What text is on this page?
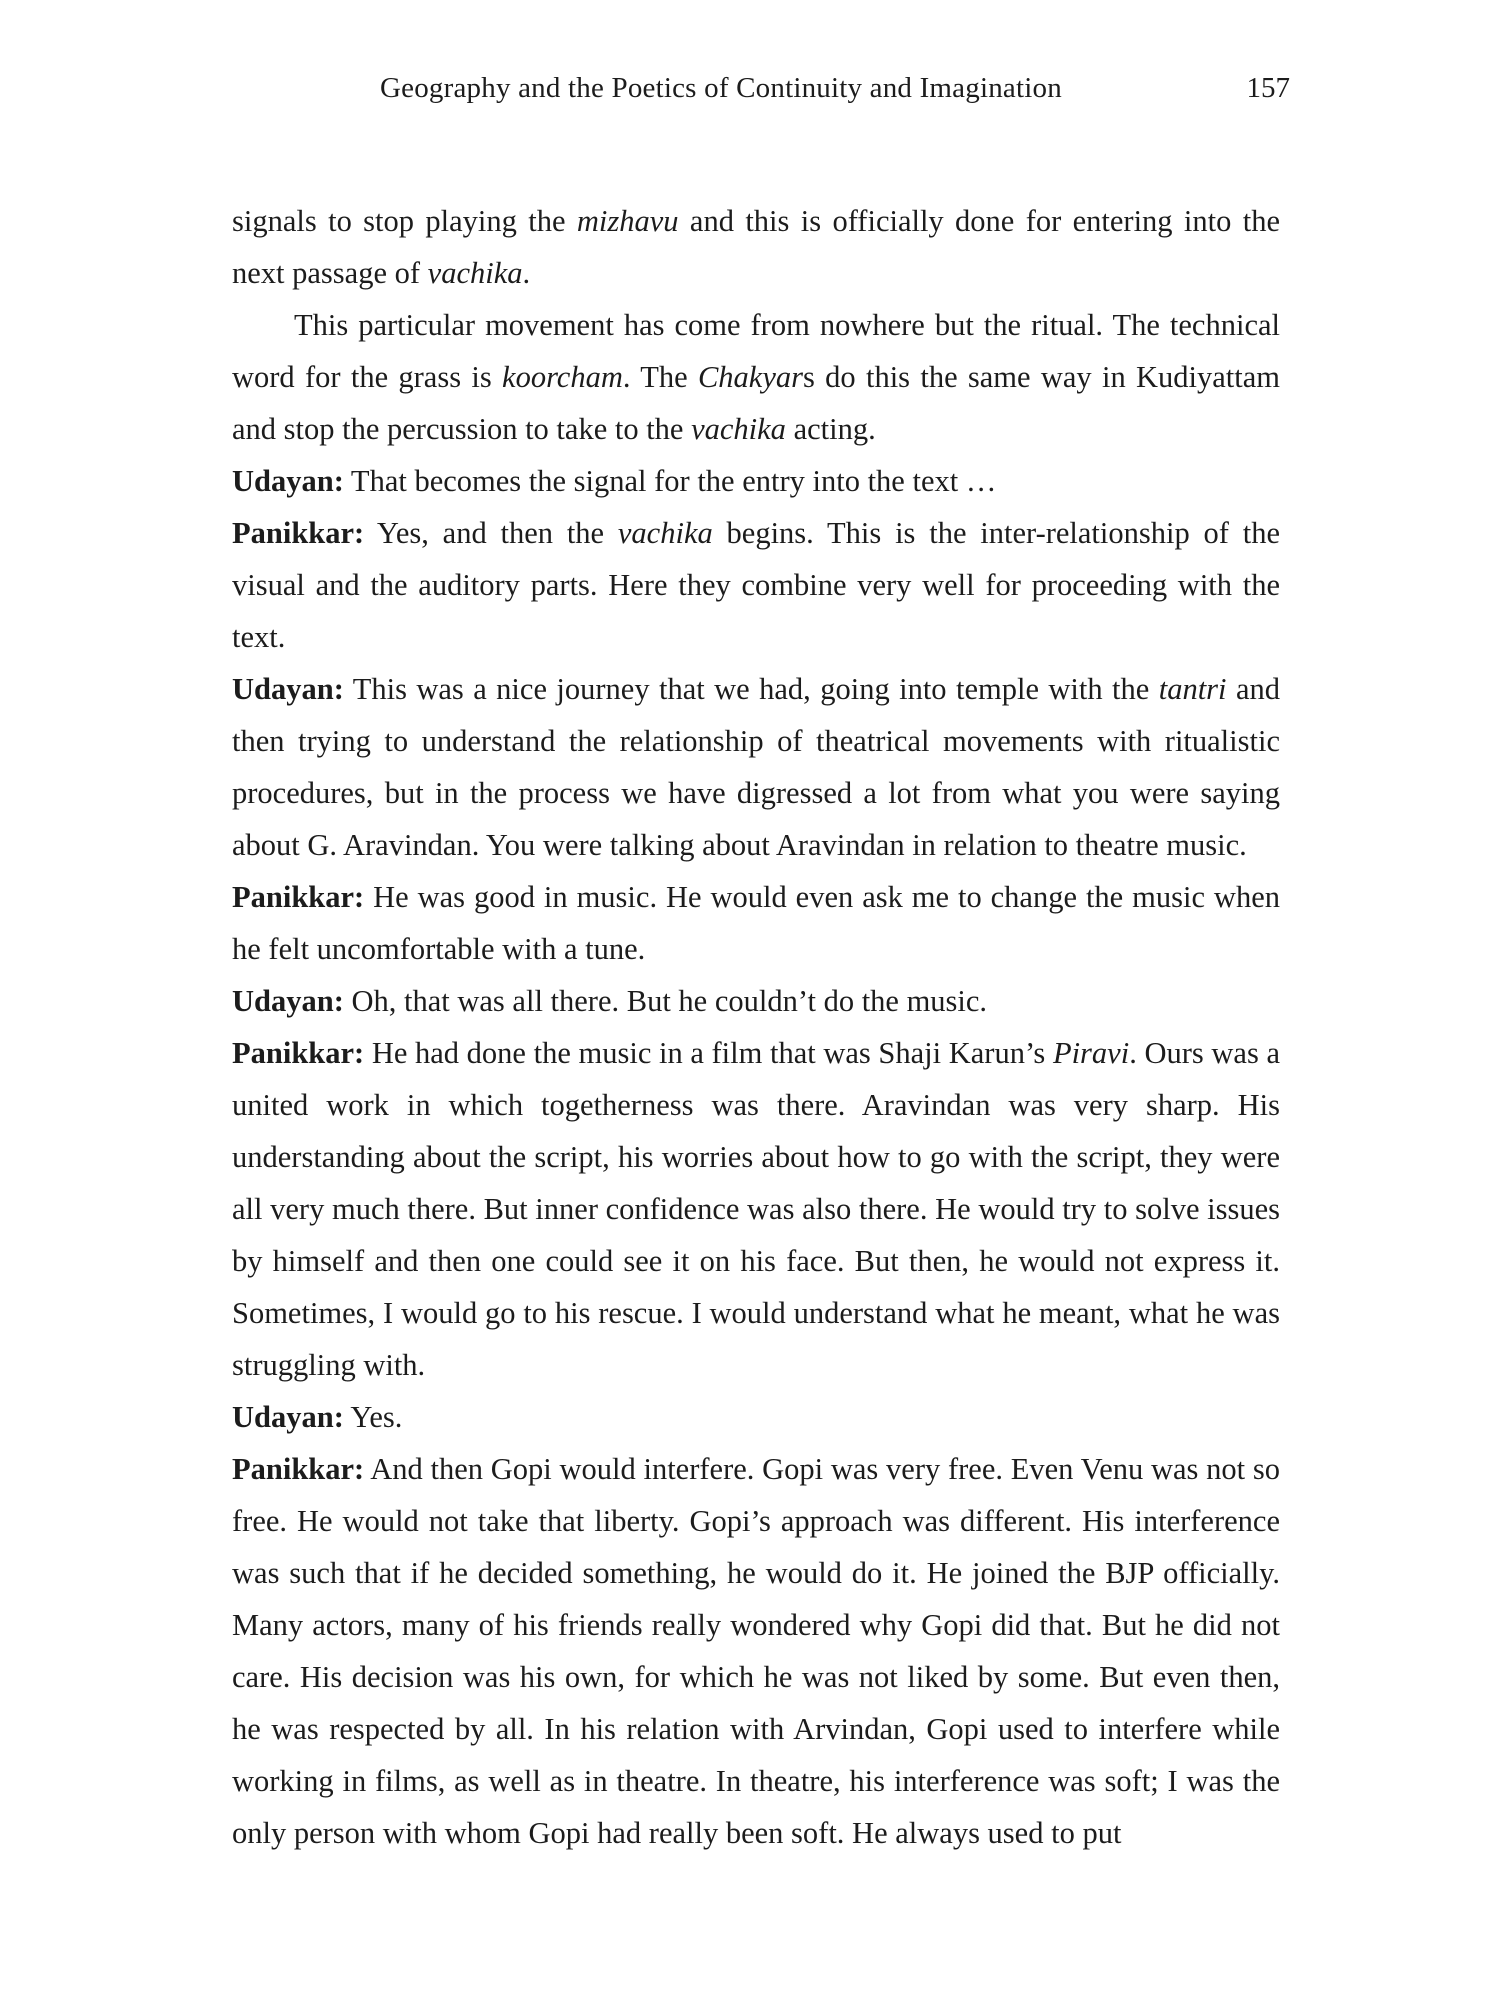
Geography and the Poetics of Continuity and Imagination	157

signals to stop playing the mizhavu and this is officially done for entering into the next passage of vachika.

This particular movement has come from nowhere but the ritual. The technical word for the grass is koorcham. The Chakyars do this the same way in Kudiyattam and stop the percussion to take to the vachika acting.

Udayan: That becomes the signal for the entry into the text …

Panikkar: Yes, and then the vachika begins. This is the inter-relationship of the visual and the auditory parts. Here they combine very well for proceeding with the text.

Udayan: This was a nice journey that we had, going into temple with the tantri and then trying to understand the relationship of theatrical movements with ritualistic procedures, but in the process we have digressed a lot from what you were saying about G. Aravindan. You were talking about Aravindan in relation to theatre music.

Panikkar: He was good in music. He would even ask me to change the music when he felt uncomfortable with a tune.

Udayan: Oh, that was all there. But he couldn’t do the music.

Panikkar: He had done the music in a film that was Shaji Karun’s Piravi. Ours was a united work in which togetherness was there. Aravindan was very sharp. His understanding about the script, his worries about how to go with the script, they were all very much there. But inner confidence was also there. He would try to solve issues by himself and then one could see it on his face. But then, he would not express it. Sometimes, I would go to his rescue. I would understand what he meant, what he was struggling with.

Udayan: Yes.

Panikkar: And then Gopi would interfere. Gopi was very free. Even Venu was not so free. He would not take that liberty. Gopi’s approach was different. His interference was such that if he decided something, he would do it. He joined the BJP officially. Many actors, many of his friends really wondered why Gopi did that. But he did not care. His decision was his own, for which he was not liked by some. But even then, he was respected by all. In his relation with Arvindan, Gopi used to interfere while working in films, as well as in theatre. In theatre, his interference was soft; I was the only person with whom Gopi had really been soft. He always used to put
